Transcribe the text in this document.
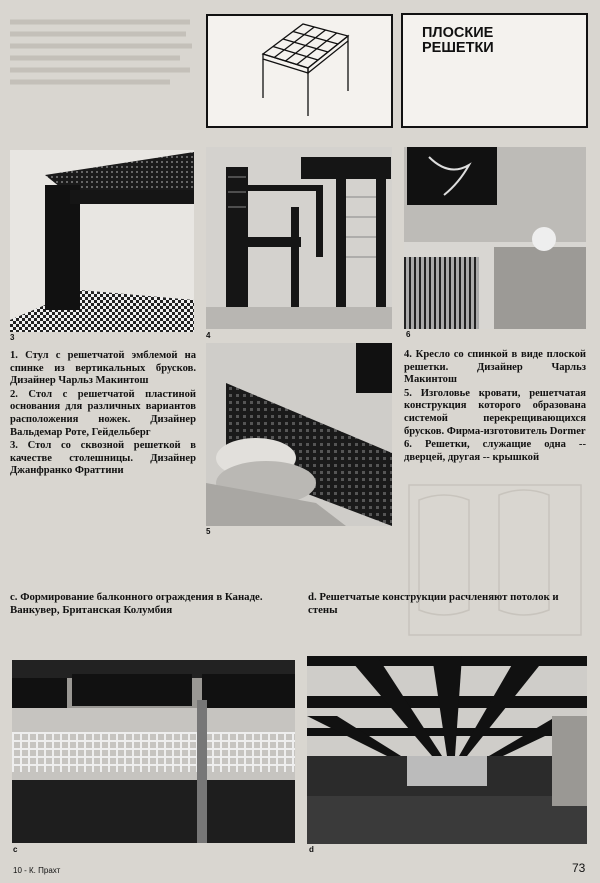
ПЛОСКИЕ
РЕШЕТКИ
3	4	6
5

1. Стул с решетчатой эмблемой на спинке из вертикальных брусков. Дизайнер Чарльз Макинтош

2. Стол с решетчатой пластиной основания для различных вариантов расположения ножек. Дизайнер Вальдемар Роте, Гейдельберг

3. Стол со сквозной решеткой в качестве столешницы. Дизайнер Джанфранко Фраттини

4. Кресло со спинкой в виде плоской решетки. Дизайнер Чарльз Макинтош

5. Изголовье кровати, решетчатая конструкция которого образована системой перекрещивающихся брусков. Фирма-изготовитель Dormer

6. Решетки, служащие одна -- дверцей, другая -- крышкой

с. Формирование балконного ограждения в Канаде. Ванкувер, Британская Колумбия
d. Решетчатые конструкции расчленяют потолок и стены
c	d
10 - К. Прахт	73
